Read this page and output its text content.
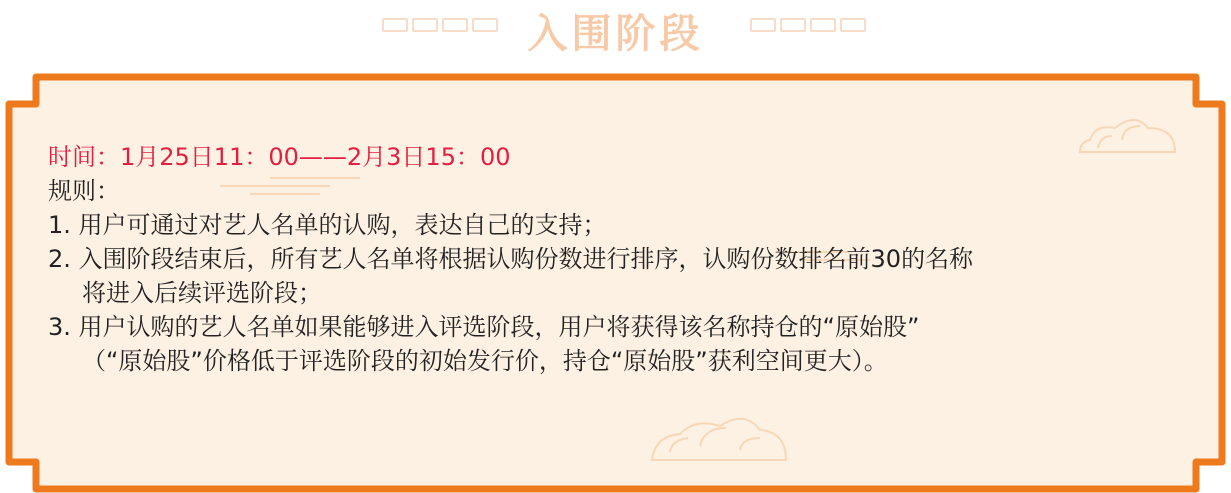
入围阶段
时间：1月25日11：00——2月3日15：00
规则：
1. 用户可通过对艺人名单的认购，表达自己的支持；
2. 入围阶段结束后，所有艺人名单将根据认购份数进行排序，认购份数排名前30的名称
将进入后续评选阶段；
3. 用户认购的艺人名单如果能够进入评选阶段，用户将获得该名称持仓的“原始股”
（“原始股”价格低于评选阶段的初始发行价，持仓“原始股”获利空间更大）。
